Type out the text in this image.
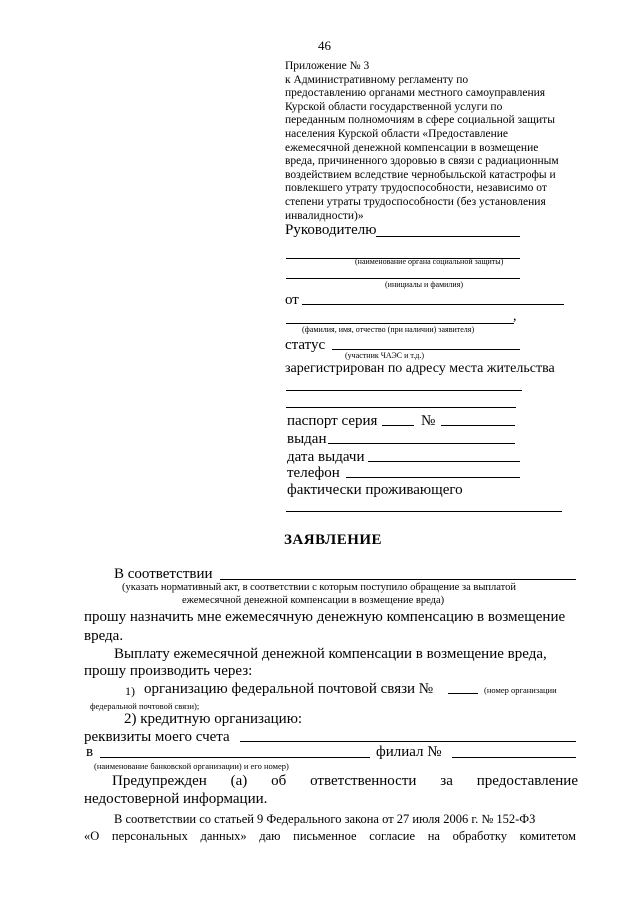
46
Приложение № 3
к Административному регламенту по
предоставлению органами местного самоуправления
Курской области государственной услуги по
переданным полномочиям в сфере социальной защиты
населения Курской области «Предоставление
ежемесячной денежной компенсации в возмещение
вреда, причиненного здоровью в связи с радиационным
воздействием вследствие чернобыльской катастрофы и
повлекшего утрату трудоспособности, независимо от
степени утраты трудоспособности (без установления
инвалидности)»
Руководителю
(наименование органа социальной защиты)
(инициалы и фамилия)
от
,
(фамилия, имя, отчество (при наличии) заявителя)
статус
(участник ЧАЭС и т.д.)
зарегистрирован по адресу места жительства
паспорт серия	№
выдан
дата выдачи
телефон
фактически проживающего
ЗАЯВЛЕНИЕ
В соответствии
(указать нормативный акт, в соответствии с которым поступило обращение за выплатой
ежемесячной денежной компенсации в возмещение вреда)
прошу назначить мне ежемесячную денежную компенсацию в возмещение
вреда.
Выплату ежемесячной денежной компенсации в возмещение вреда,
прошу производить через:
1) организацию федеральной почтовой связи №	(номер организации
федеральной почтовой связи);
2) кредитную организацию:
реквизиты моего счета
в	филиал №
(наименование банковской организации) и его номер)
Предупрежден (а) об ответственности за предоставление
недостоверной информации.
В соответствии со статьей 9 Федерального закона от 27 июля 2006 г. № 152-ФЗ
«О персональных данных» даю письменное согласие на обработку комитетом
